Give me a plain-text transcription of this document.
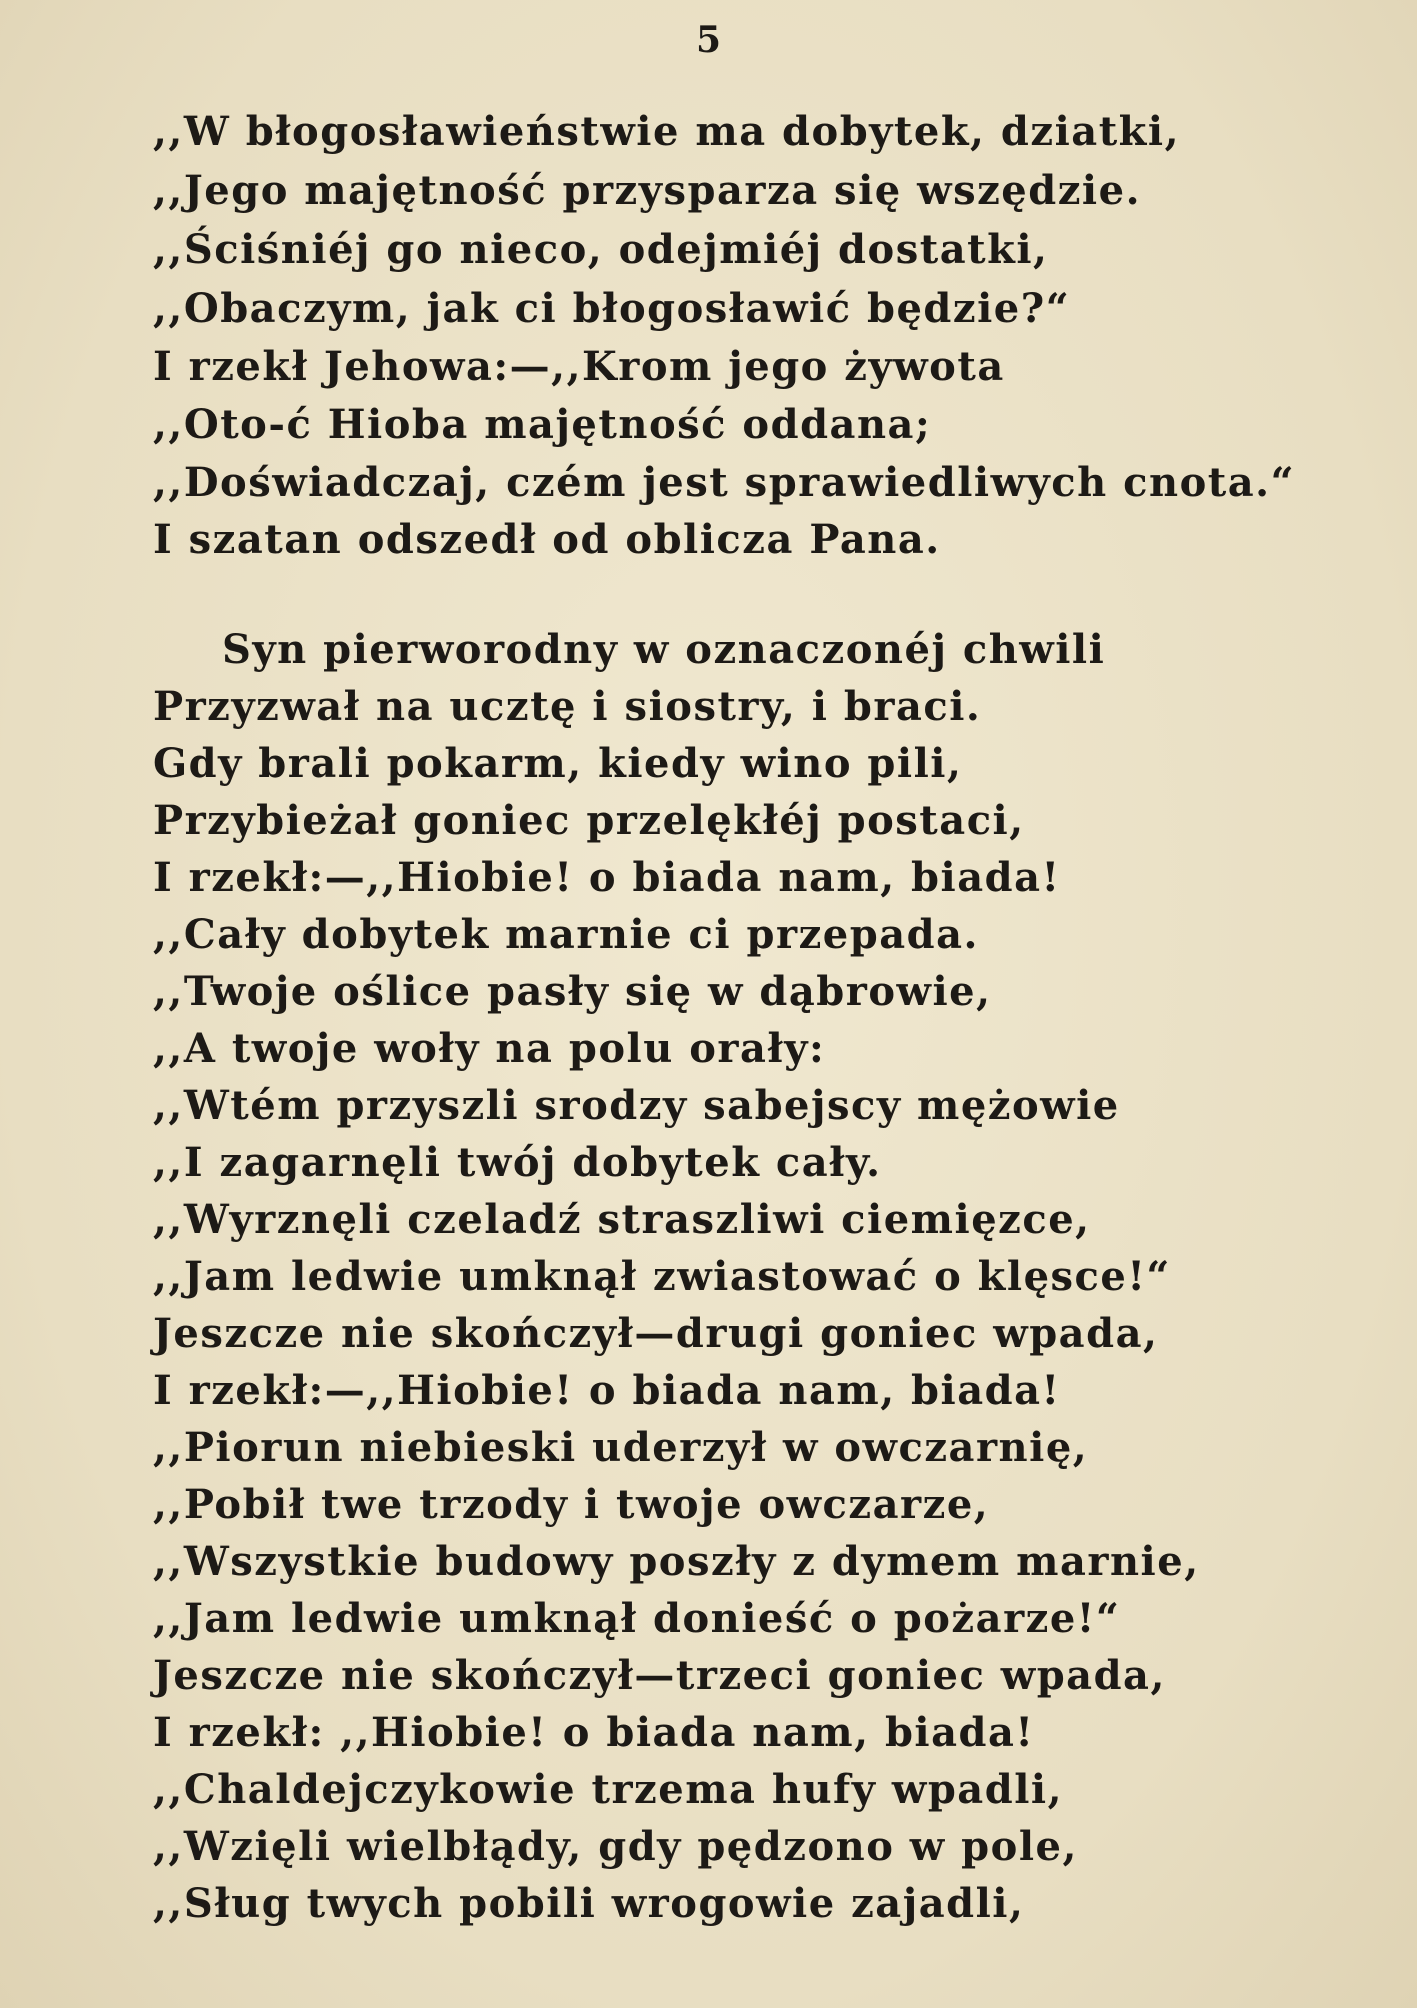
5
,,W błogosławieństwie ma dobytek, dziatki,
,,Jego majętność przysparza się wszędzie.
,,Ściśniéj go nieco, odejmiéj dostatki,
,,Obaczym, jak ci błogosławić będzie?“
I rzekł Jehowa:—,,Krom jego żywota
,,Oto-ć Hioba majętność oddana;
,,Doświadczaj, czém jest sprawiedliwych cnota.“
I szatan odszedł od oblicza Pana.
Syn pierworodny w oznaczonéj chwili
Przyzwał na ucztę i siostry, i braci.
Gdy brali pokarm, kiedy wino pili,
Przybieżał goniec przelękłéj postaci,
I rzekł:—,,Hiobie! o biada nam, biada!
,,Cały dobytek marnie ci przepada.
,,Twoje oślice pasły się w dąbrowie,
,,A twoje woły na polu orały:
,,Wtém przyszli srodzy sabejscy mężowie
,,I zagarnęli twój dobytek cały.
,,Wyrznęli czeladź straszliwi ciemięzce,
,,Jam ledwie umknął zwiastować o klęsce!“
Jeszcze nie skończył—drugi goniec wpada,
I rzekł:—,,Hiobie! o biada nam, biada!
,,Piorun niebieski uderzył w owczarnię,
,,Pobił twe trzody i twoje owczarze,
,,Wszystkie budowy poszły z dymem marnie,
,,Jam ledwie umknął donieść o pożarze!“
Jeszcze nie skończył—trzeci goniec wpada,
I rzekł: ,,Hiobie! o biada nam, biada!
,,Chaldejczykowie trzema hufy wpadli,
,,Wzięli wielbłądy, gdy pędzono w pole,
,,Sług twych pobili wrogowie zajadli,
